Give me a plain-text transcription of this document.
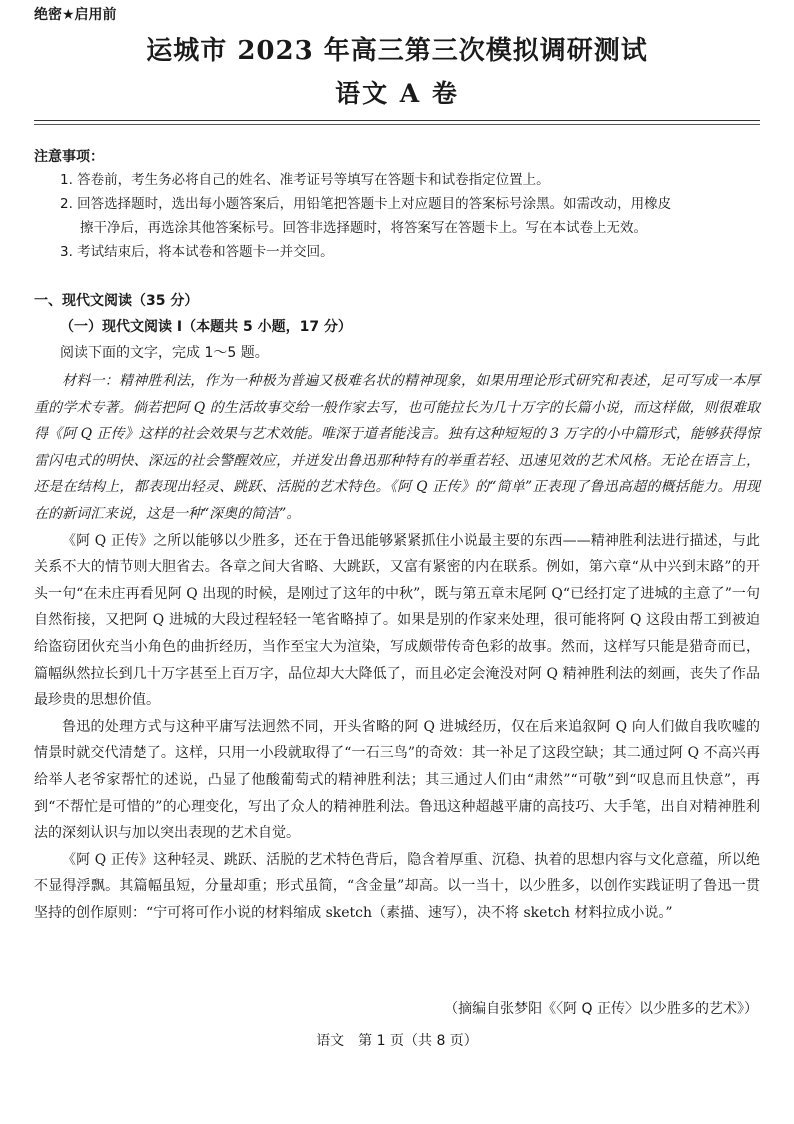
绝密★启用前
运城市 2023 年高三第三次模拟调研测试
语文 A 卷
注意事项：
1. 答卷前，考生务必将自己的姓名、准考证号等填写在答题卡和试卷指定位置上。
2. 回答选择题时，选出每小题答案后，用铅笔把答题卡上对应题目的答案标号涂黑。如需改动，用橡皮
擦干净后，再选涂其他答案标号。回答非选择题时，将答案写在答题卡上。写在本试卷上无效。
3. 考试结束后，将本试卷和答题卡一并交回。
一、现代文阅读（35 分）
（一）现代文阅读 Ⅰ（本题共 5 小题，17 分）
阅读下面的文字，完成 1～5 题。

材料一：精神胜利法，作为一种极为普遍又极难名状的精神现象，如果用理论形式研究和表述，足可写成一本厚重的学术专著。倘若把阿 Q 的生活故事交给一般作家去写，也可能拉长为几十万字的长篇小说，而这样做，则很难取得《阿 Q 正传》这样的社会效果与艺术效能。唯深于道者能浅言。独有这种短短的 3 万字的小中篇形式，能够获得惊雷闪电式的明快、深远的社会警醒效应，并迸发出鲁迅那种特有的举重若轻、迅速见效的艺术风格。无论在语言上，还是在结构上，都表现出轻灵、跳跃、活脱的艺术特色。《阿 Q 正传》的“简单”正表现了鲁迅高超的概括能力。用现在的新词汇来说，这是一种“深奥的简洁”。

《阿 Q 正传》之所以能够以少胜多，还在于鲁迅能够紧紧抓住小说最主要的东西——精神胜利法进行描述，与此关系不大的情节则大胆省去。各章之间大省略、大跳跃，又富有紧密的内在联系。例如，第六章“从中兴到末路”的开头一句“在未庄再看见阿 Q 出现的时候，是刚过了这年的中秋”，既与第五章末尾阿 Q“已经打定了进城的主意了”一句自然衔接，又把阿 Q 进城的大段过程轻轻一笔省略掉了。如果是别的作家来处理，很可能将阿 Q 这段由帮工到被迫给盗窃团伙充当小角色的曲折经历，当作至宝大为渲染，写成颇带传奇色彩的故事。然而，这样写只能是猎奇而已，篇幅纵然拉长到几十万字甚至上百万字，品位却大大降低了，而且必定会淹没对阿 Q 精神胜利法的刻画，丧失了作品最珍贵的思想价值。

鲁迅的处理方式与这种平庸写法迥然不同，开头省略的阿 Q 进城经历，仅在后来追叙阿 Q 向人们做自我吹嘘的情景时就交代清楚了。这样，只用一小段就取得了“一石三鸟”的奇效：其一补足了这段空缺；其二通过阿 Q 不高兴再给举人老爷家帮忙的述说，凸显了他酸葡萄式的精神胜利法；其三通过人们由“肃然”“可敬”到“叹息而且快意”，再到“不帮忙是可惜的”的心理变化，写出了众人的精神胜利法。鲁迅这种超越平庸的高技巧、大手笔，出自对精神胜利法的深刻认识与加以突出表现的艺术自觉。

《阿 Q 正传》这种轻灵、跳跃、活脱的艺术特色背后，隐含着厚重、沉稳、执着的思想内容与文化意蕴，所以绝不显得浮飘。其篇幅虽短，分量却重；形式虽简，“含金量”却高。以一当十，以少胜多，以创作实践证明了鲁迅一贯坚持的创作原则：“宁可将可作小说的材料缩成 sketch（素描、速写），决不将 sketch 材料拉成小说。”

（摘编自张梦阳《〈阿 Q 正传〉以少胜多的艺术》）
语文　第 1 页（共 8 页）
